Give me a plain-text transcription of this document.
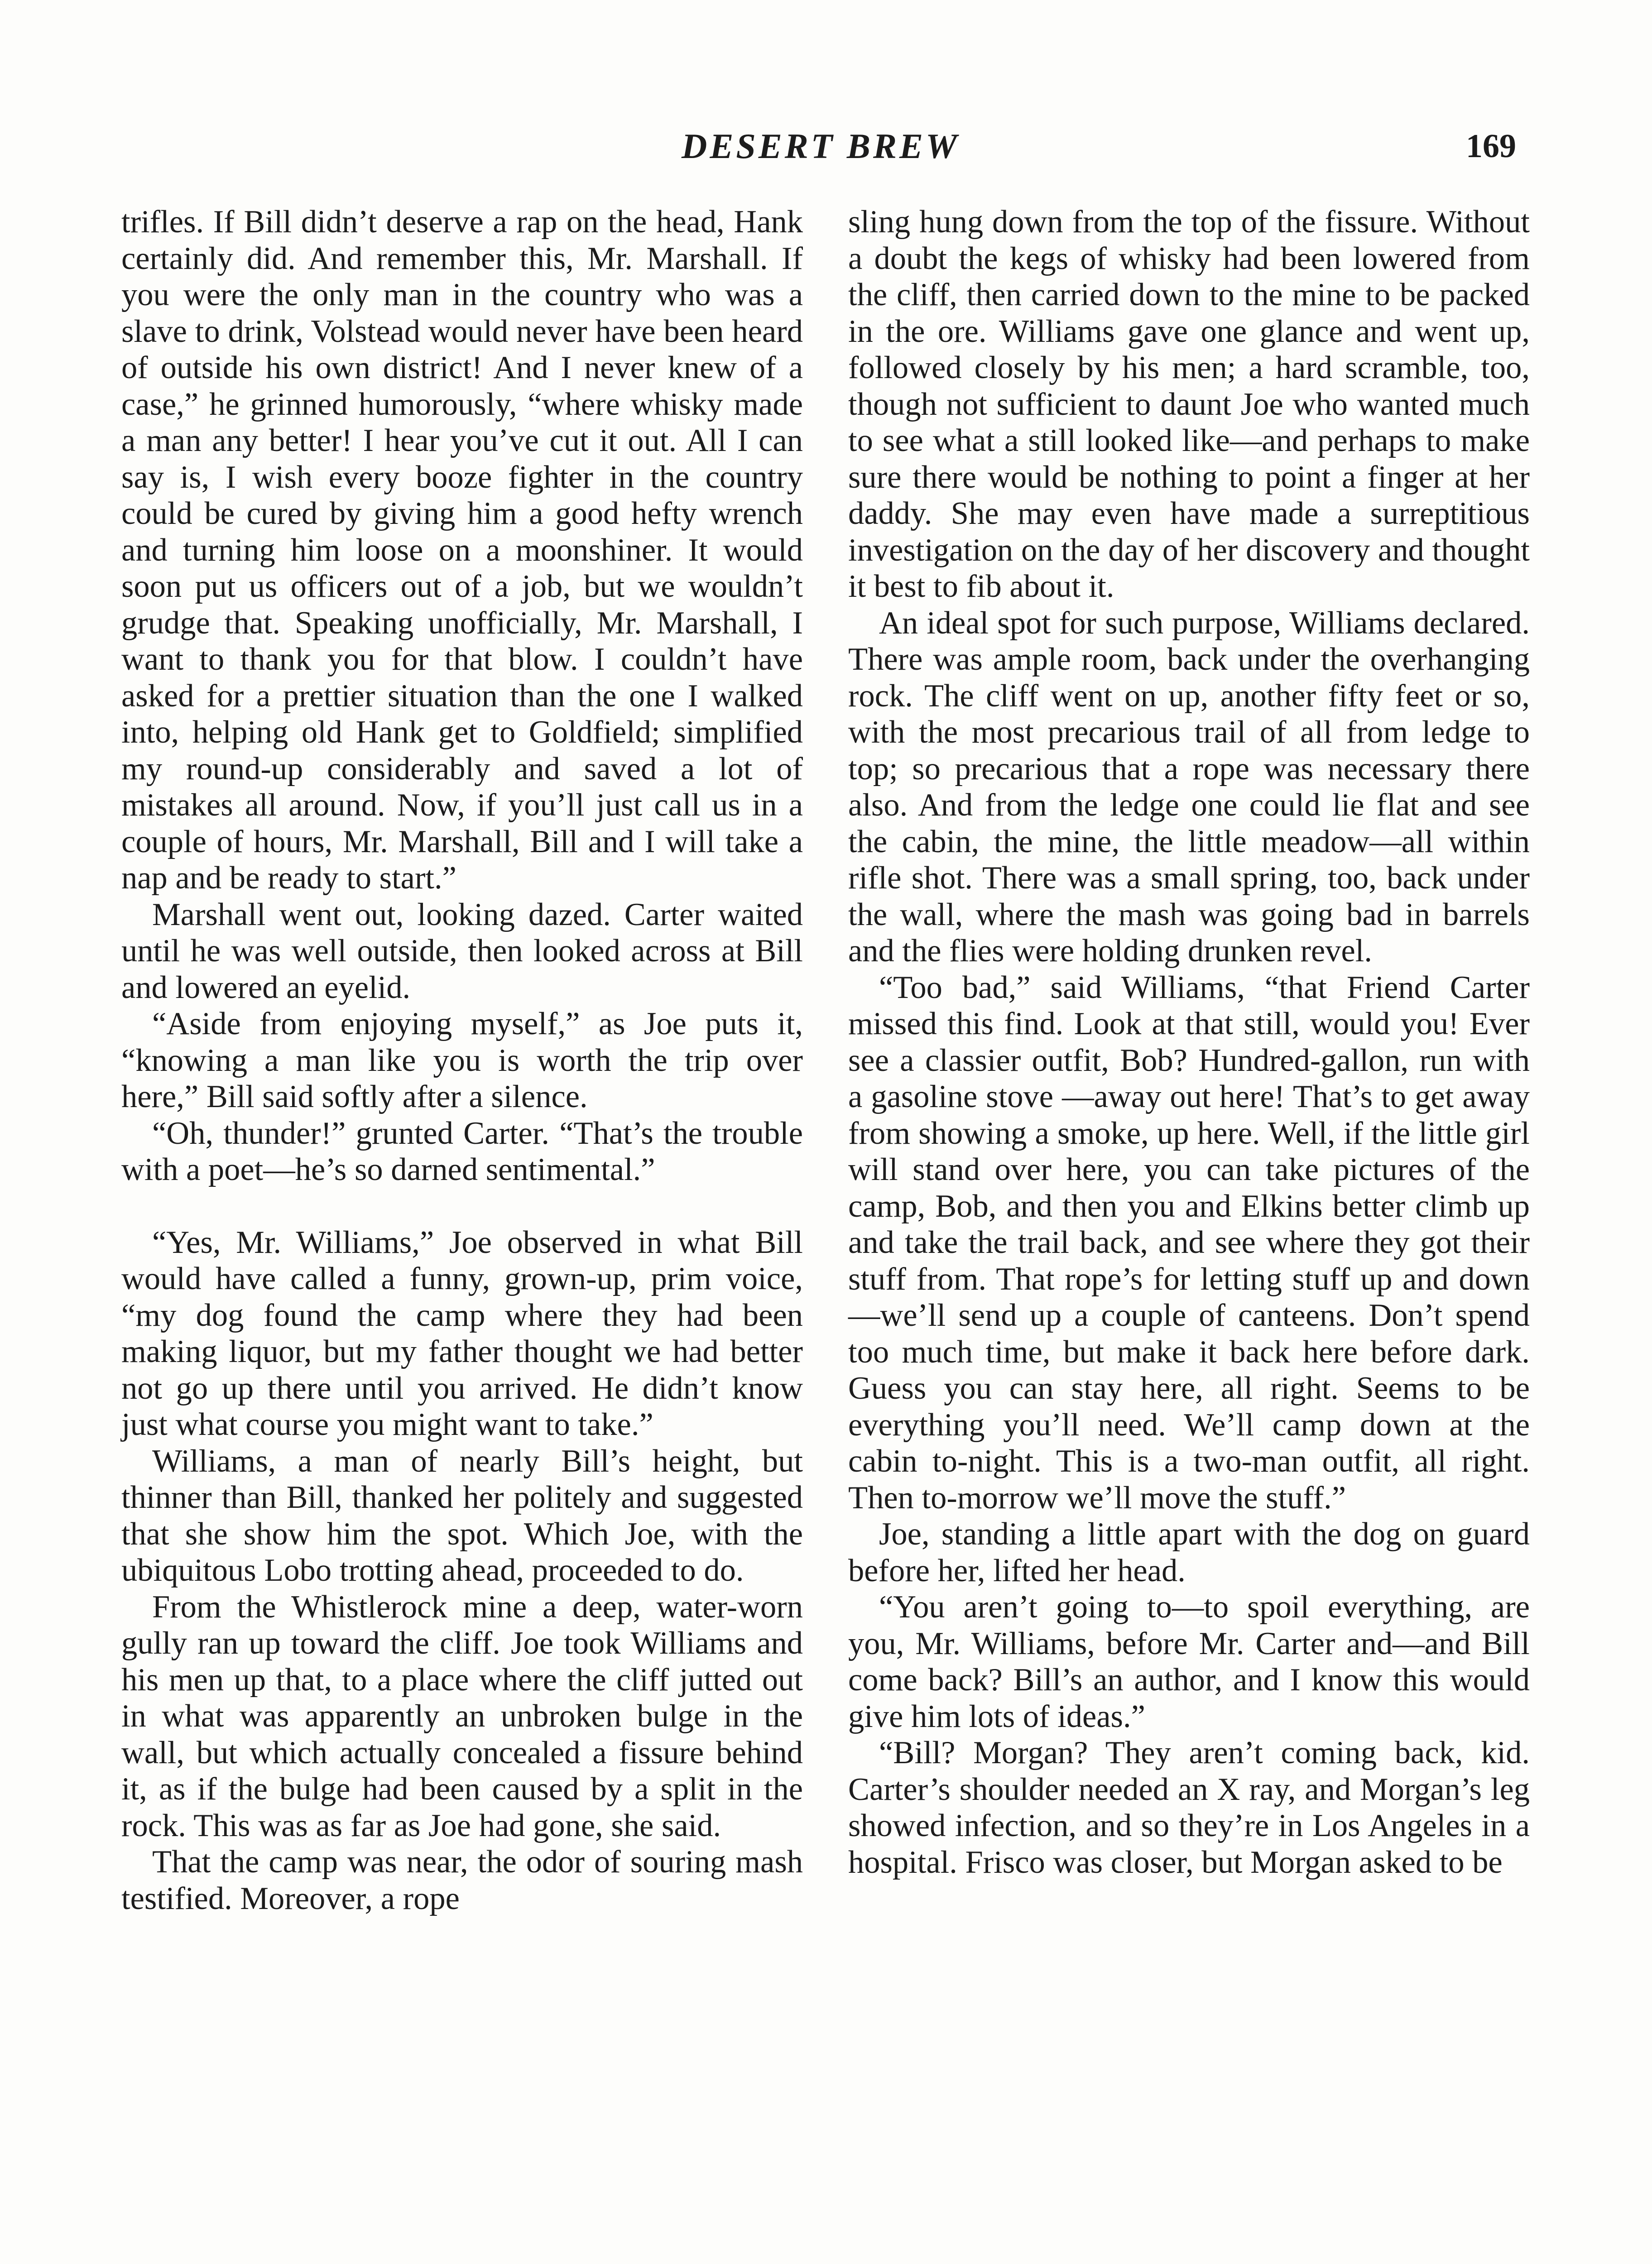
DESERT BREW	169

trifles. If Bill didn’t deserve a rap on the head, Hank certainly did. And remember this, Mr. Marshall. If you were the only man in the country who was a slave to drink, Volstead would never have been heard of outside his own district! And I never knew of a case,” he grinned humorously, “where whisky made a man any better! I hear you’ve cut it out. All I can say is, I wish every booze fighter in the country could be cured by giving him a good hefty wrench and turning him loose on a moonshiner. It would soon put us officers out of a job, but we wouldn’t grudge that. Speaking unofficially, Mr. Marshall, I want to thank you for that blow. I couldn’t have asked for a prettier situation than the one I walked into, helping old Hank get to Goldfield; simplified my round-up considerably and saved a lot of mistakes all around. Now, if you’ll just call us in a couple of hours, Mr. Marshall, Bill and I will take a nap and be ready to start.”

Marshall went out, looking dazed. Carter waited until he was well outside, then looked across at Bill and lowered an eyelid.

“Aside from enjoying myself,” as Joe puts it, “knowing a man like you is worth the trip over here,” Bill said softly after a silence.

“Oh, thunder!” grunted Carter. “That’s the trouble with a poet—he’s so darned sentimental.”

“Yes, Mr. Williams,” Joe observed in what Bill would have called a funny, grown-up, prim voice, “my dog found the camp where they had been making liquor, but my father thought we had better not go up there until you arrived. He didn’t know just what course you might want to take.”

Williams, a man of nearly Bill’s height, but thinner than Bill, thanked her politely and suggested that she show him the spot. Which Joe, with the ubiquitous Lobo trotting ahead, proceeded to do.

From the Whistlerock mine a deep, water-worn gully ran up toward the cliff. Joe took Williams and his men up that, to a place where the cliff jutted out in what was apparently an unbroken bulge in the wall, but which actually concealed a fissure behind it, as if the bulge had been caused by a split in the rock. This was as far as Joe had gone, she said.

That the camp was near, the odor of souring mash testified. Moreover, a rope

sling hung down from the top of the fissure. Without a doubt the kegs of whisky had been lowered from the cliff, then carried down to the mine to be packed in the ore. Williams gave one glance and went up, followed closely by his men; a hard scramble, too, though not sufficient to daunt Joe who wanted much to see what a still looked like—and perhaps to make sure there would be nothing to point a finger at her daddy. She may even have made a surreptitious investigation on the day of her discovery and thought it best to fib about it.

An ideal spot for such purpose, Williams declared. There was ample room, back under the overhanging rock. The cliff went on up, another fifty feet or so, with the most precarious trail of all from ledge to top; so precarious that a rope was necessary there also. And from the ledge one could lie flat and see the cabin, the mine, the little meadow—all within rifle shot. There was a small spring, too, back under the wall, where the mash was going bad in barrels and the flies were holding drunken revel.

“Too bad,” said Williams, “that Friend Carter missed this find. Look at that still, would you! Ever see a classier outfit, Bob? Hundred-gallon, run with a gasoline stove —away out here! That’s to get away from showing a smoke, up here. Well, if the little girl will stand over here, you can take pictures of the camp, Bob, and then you and Elkins better climb up and take the trail back, and see where they got their stuff from. That rope’s for letting stuff up and down—we’ll send up a couple of canteens. Don’t spend too much time, but make it back here before dark. Guess you can stay here, all right. Seems to be everything you’ll need. We’ll camp down at the cabin to-night. This is a two-man outfit, all right. Then to-morrow we’ll move the stuff.”

Joe, standing a little apart with the dog on guard before her, lifted her head.

“You aren’t going to—to spoil everything, are you, Mr. Williams, before Mr. Carter and—and Bill come back? Bill’s an author, and I know this would give him lots of ideas.”

“Bill? Morgan? They aren’t coming back, kid. Carter’s shoulder needed an X ray, and Morgan’s leg showed infection, and so they’re in Los Angeles in a hospital. Frisco was closer, but Morgan asked to be
